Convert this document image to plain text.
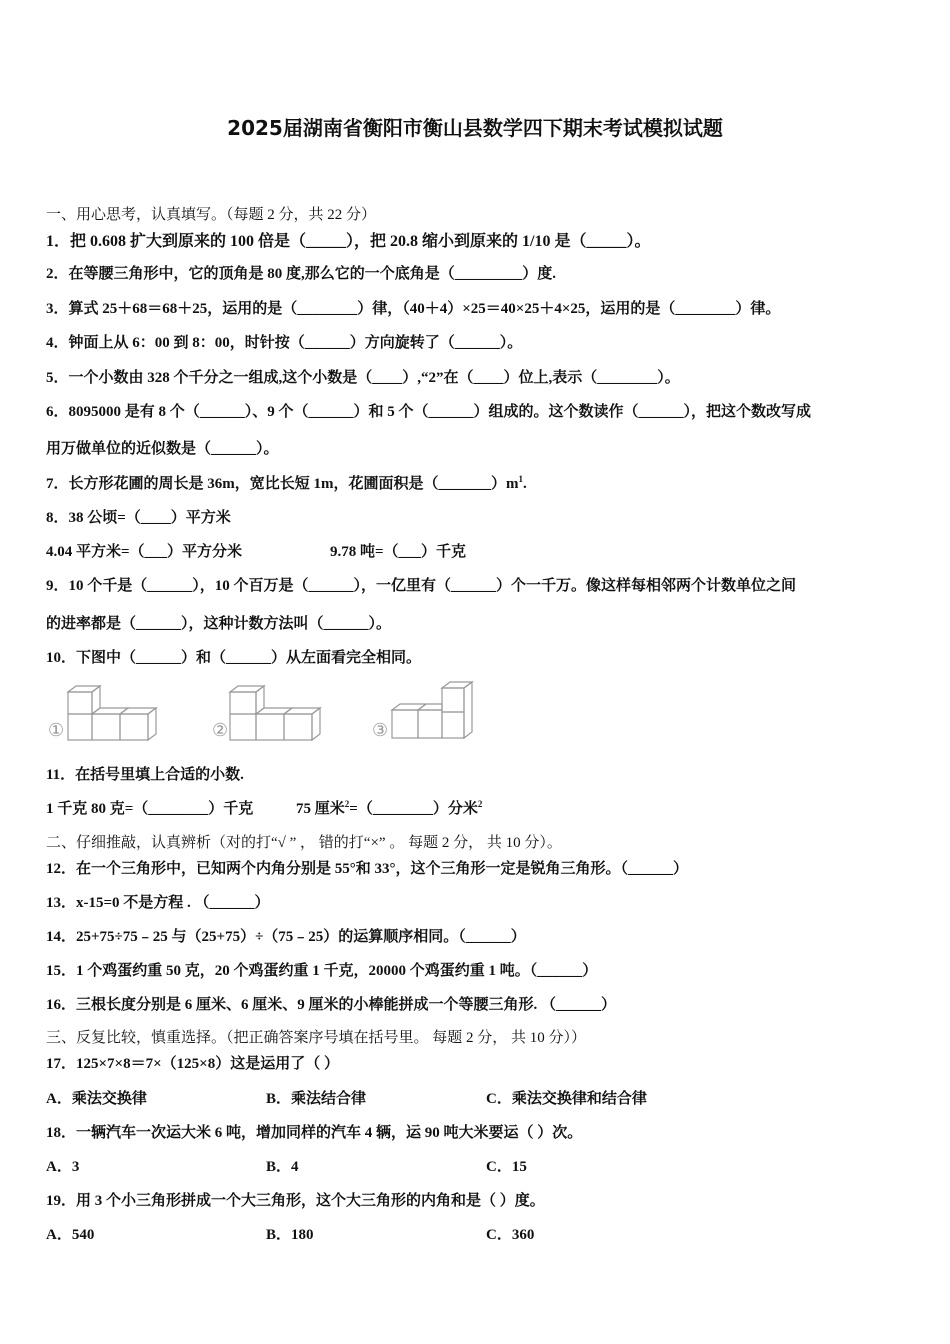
2025届湖南省衡阳市衡山县数学四下期末考试模拟试题
一、用心思考，认真填写。（每题 2 分，共 22 分）
1．把 0.608 扩大到原来的 100 倍是（_____），把 20.8 缩小到原来的 1/10 是（_____）。
2．在等腰三角形中，它的顶角是 80 度,那么它的一个底角是（_________）度.
3．算式 25＋68＝68＋25，运用的是（________）律，（40＋4）×25＝40×25＋4×25，运用的是（________）律。
4．钟面上从 6：00 到 8：00，时针按（______）方向旋转了（______）。
5．一个小数由 328 个千分之一组成,这个小数是（____）,“2”在（____）位上,表示（________）。
6．8095000 是有 8 个（______）、9 个（______）和 5 个（______）组成的。这个数读作（______），把这个数改写成
用万做单位的近似数是（______）。
7．长方形花圃的周长是 36m，宽比长短 1m，花圃面积是$(\_\_\_\_\_\_\_)m^1$.
8．38 公顷=（____）平方米
4.04 平方米=（___）平方分米	9.78 吨=（___）千克
9．10 个千是（______），10 个百万是（______），一亿里有（______）个一千万。像这样每相邻两个计数单位之间
的进率都是（______），这种计数方法叫（______）。
10．下图中（______）和（______）从左面看完全相同。
①	②	③
11．在括号里填上合适的小数.
1 千克 80 克=（________）千克	75 厘米$^2$=（________）分米$^2$
二、仔细推敲，认真辨析（对的打“√ ” ， 错的打“×” 。 每题 2 分， 共 10 分）。
12．在一个三角形中，已知两个内角分别是 55°和 33°，这个三角形一定是锐角三角形。（______）
13．x-15=0 不是方程 . （______）
14．25+75÷75﹣25 与（25+75）÷（75﹣25）的运算顺序相同。（______）
15．1 个鸡蛋约重 50 克，20 个鸡蛋约重 1 千克，20000 个鸡蛋约重 1 吨。（______）
16．三根长度分别是 6 厘米、6 厘米、9 厘米的小棒能拼成一个等腰三角形. （______）
三、反复比较，慎重选择。（把正确答案序号填在括号里。 每题 2 分， 共 10 分））
17．125×7×8＝7×（125×8）这是运用了（ ）
A．乘法交换律	B．乘法结合律	C．乘法交换律和结合律
18．一辆汽车一次运大米 6 吨，增加同样的汽车 4 辆，运 90 吨大米要运（ ）次。
A．3	B．4	C．15
19．用 3 个小三角形拼成一个大三角形，这个大三角形的内角和是（ ）度。
A．540	B．180	C．360
